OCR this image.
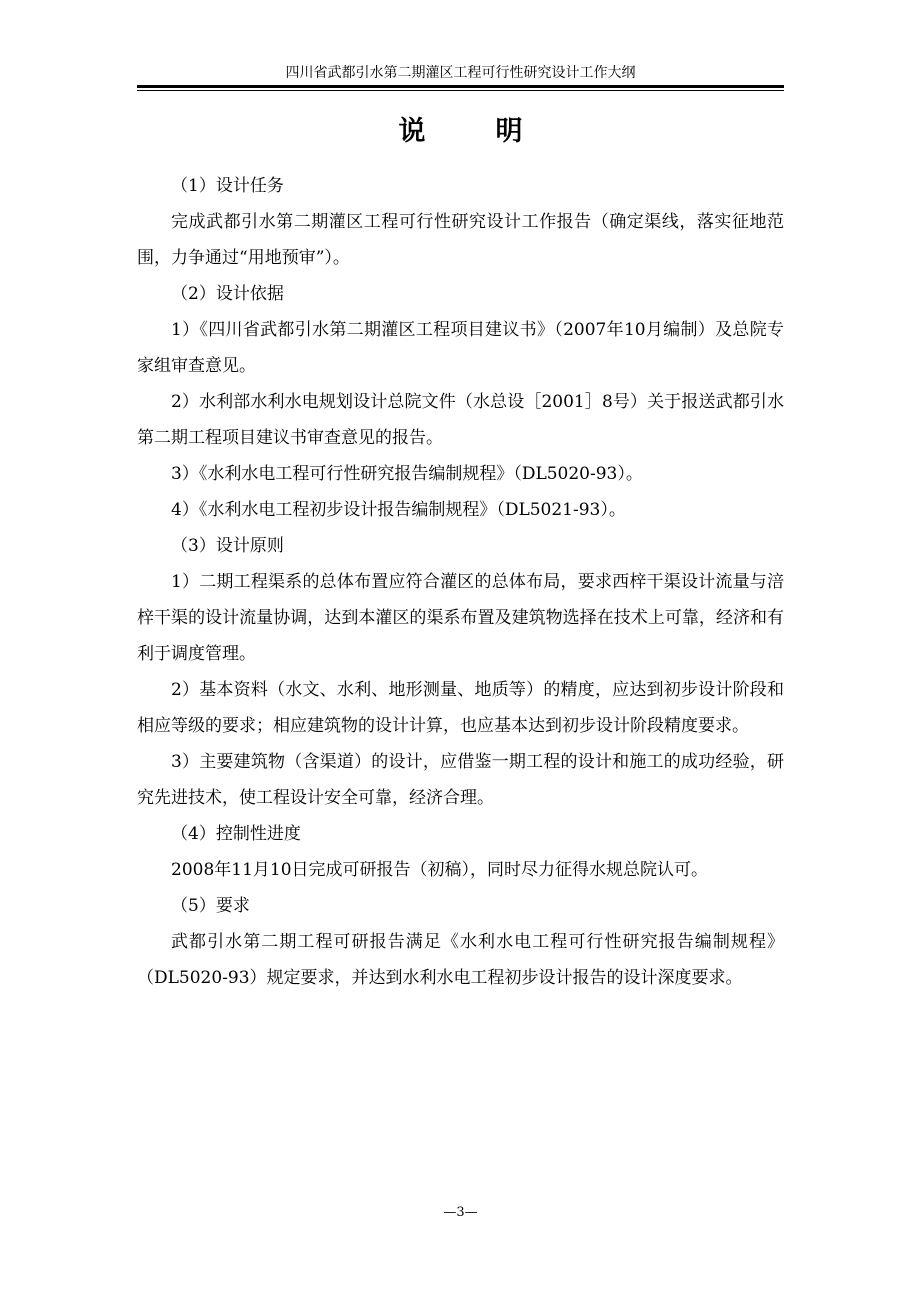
四川省武都引水第二期灌区工程可行性研究设计工作大纲
说明

（1）设计任务

完成武都引水第二期灌区工程可行性研究设计工作报告（确定渠线，落实征地范围，力争通过“用地预审”）。

（2）设计依据

1）《四川省武都引水第二期灌区工程项目建议书》（2007年10月编制）及总院专家组审查意见。

2）水利部水利水电规划设计总院文件（水总设［2001］8号）关于报送武都引水第二期工程项目建议书审查意见的报告。

3）《水利水电工程可行性研究报告编制规程》（DL5020-93）。

4）《水利水电工程初步设计报告编制规程》（DL5021-93）。

（3）设计原则

1）二期工程渠系的总体布置应符合灌区的总体布局，要求西梓干渠设计流量与涪梓干渠的设计流量协调，达到本灌区的渠系布置及建筑物选择在技术上可靠，经济和有利于调度管理。

2）基本资料（水文、水利、地形测量、地质等）的精度，应达到初步设计阶段和相应等级的要求；相应建筑物的设计计算，也应基本达到初步设计阶段精度要求。

3）主要建筑物（含渠道）的设计，应借鉴一期工程的设计和施工的成功经验，研究先进技术，使工程设计安全可靠，经济合理。

（4）控制性进度

2008年11月10日完成可研报告（初稿），同时尽力征得水规总院认可。

（5）要求

武都引水第二期工程可研报告满足《水利水电工程可行性研究报告编制规程》（DL5020-93）规定要求，并达到水利水电工程初步设计报告的设计深度要求。

—3—
